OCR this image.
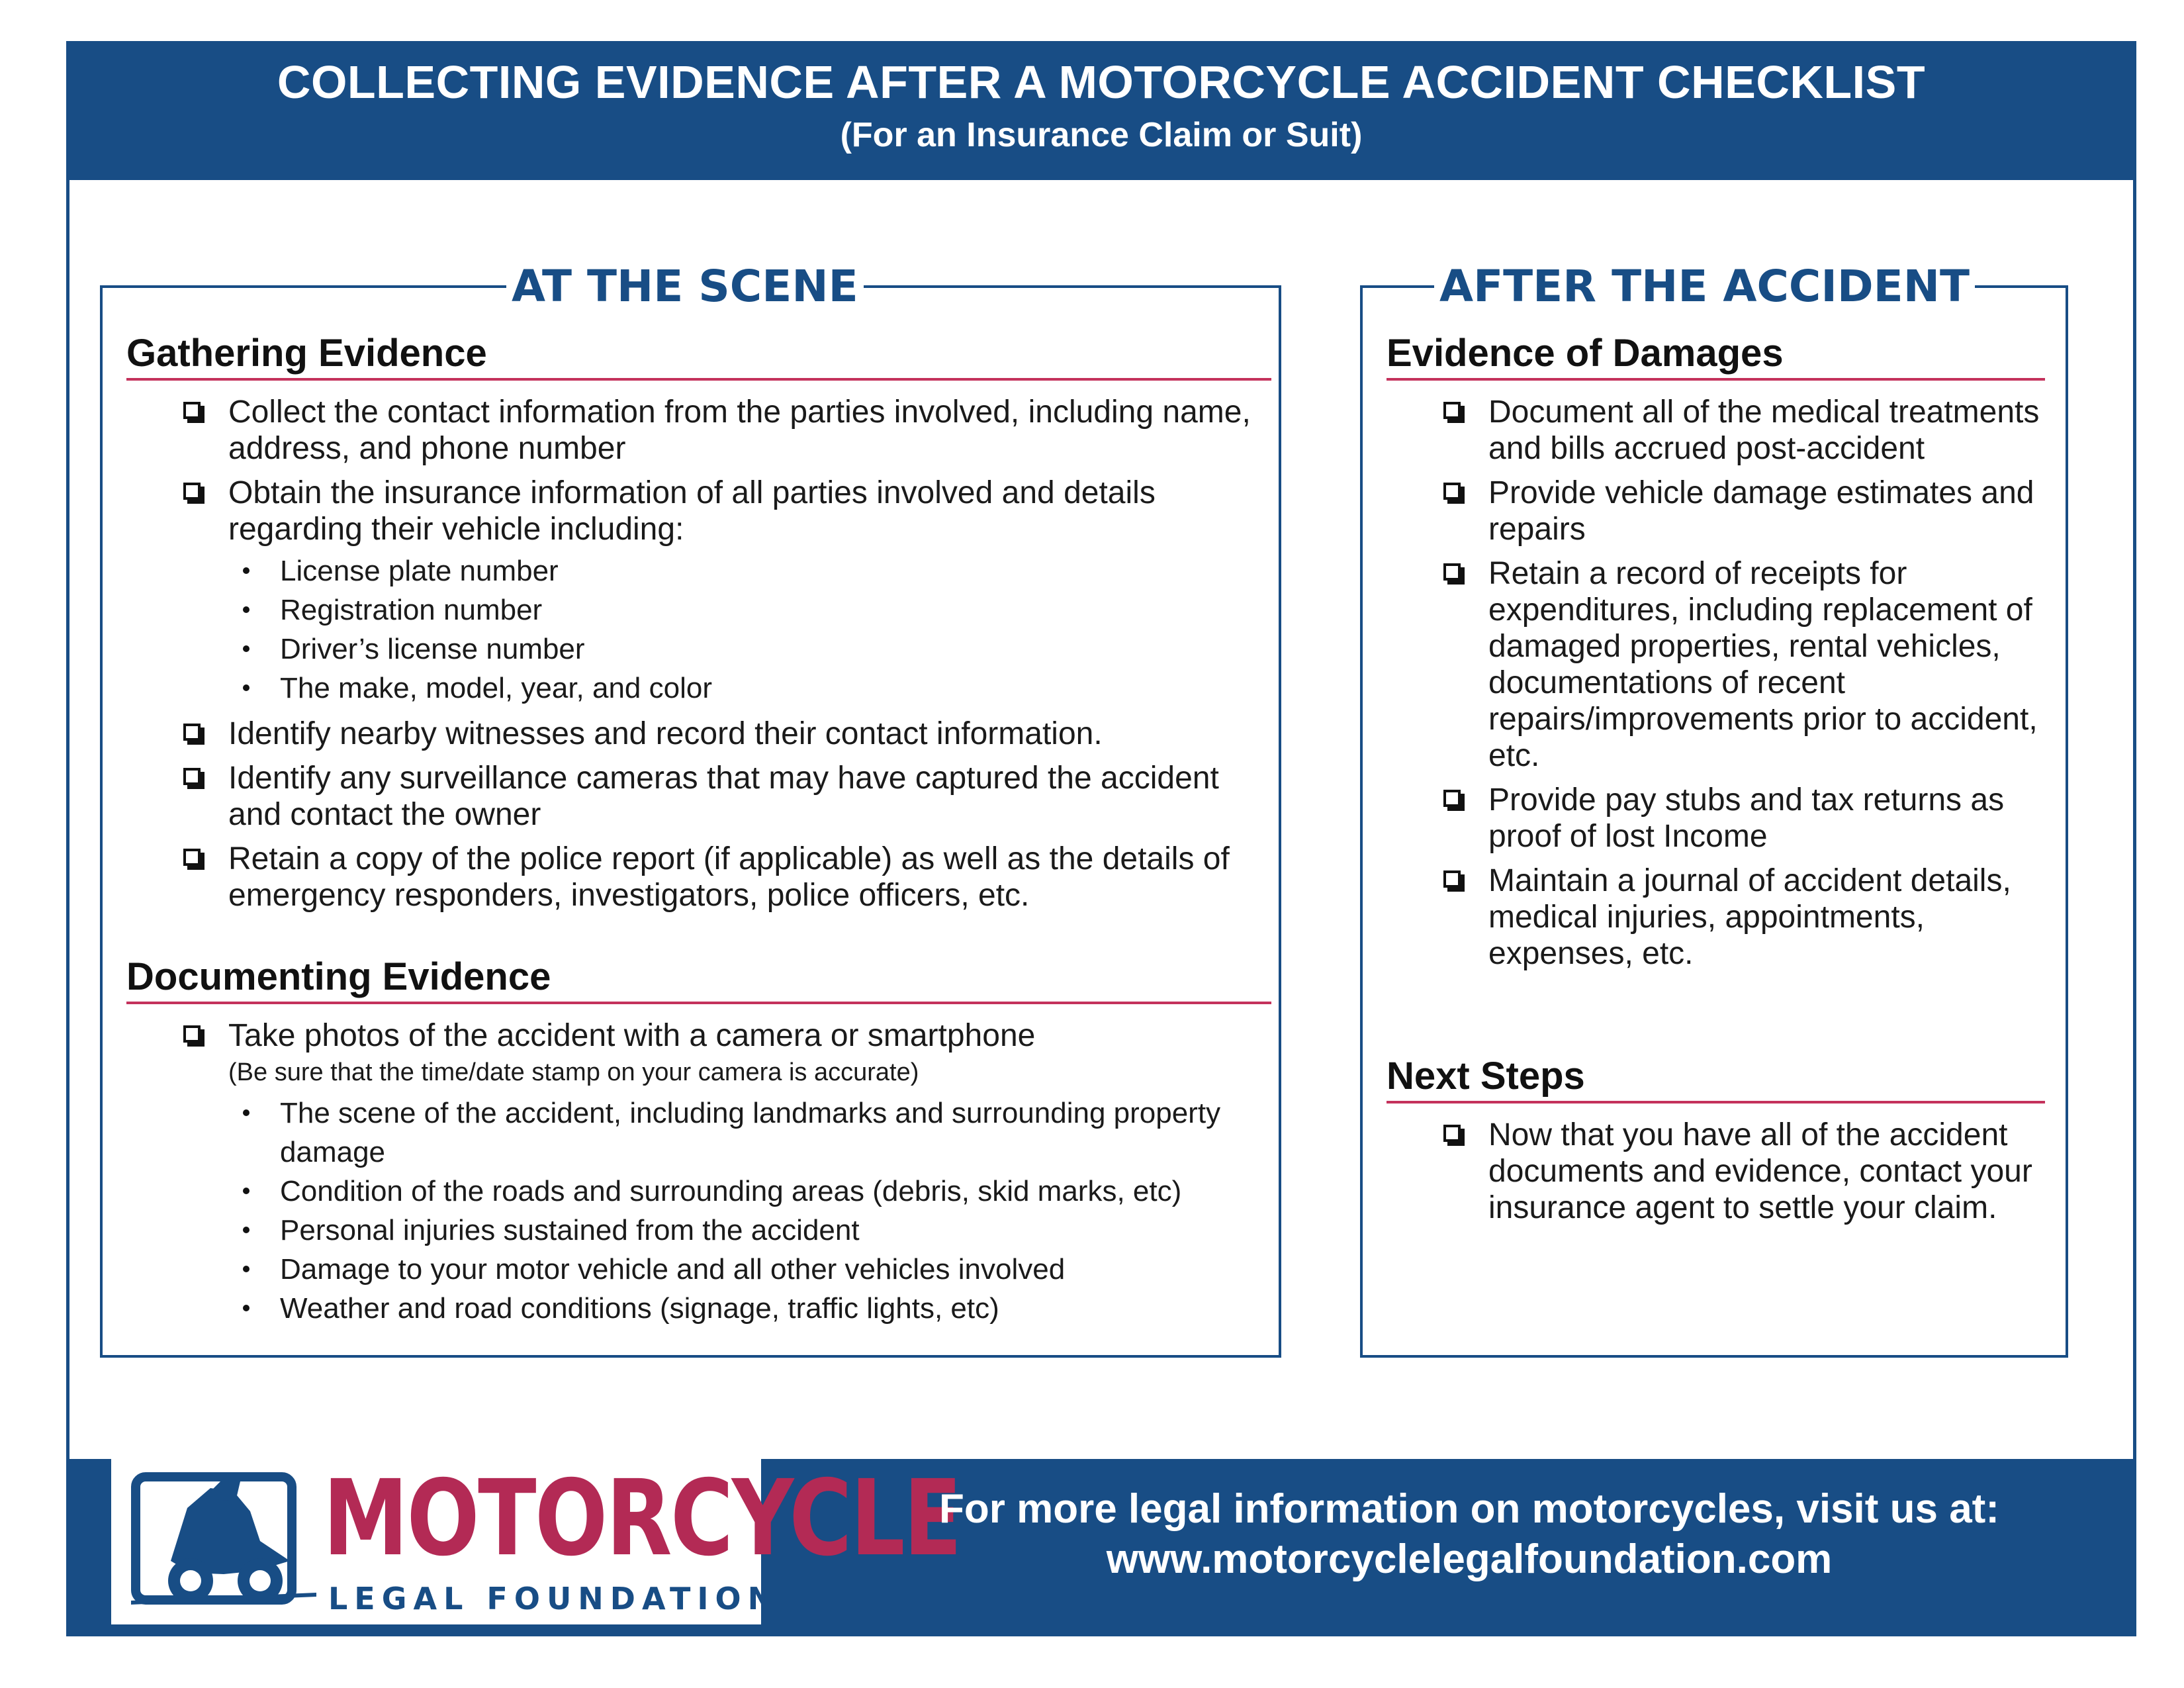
COLLECTING EVIDENCE AFTER A MOTORCYCLE ACCIDENT CHECKLIST
(For an Insurance Claim or Suit)
AT THE SCENE
Gathering Evidence
Collect the contact information from the parties involved, including name, address, and phone number
Obtain the insurance information of all parties involved and details regarding their vehicle including:
License plate number
Registration number
Driver’s license number
The make, model, year, and color
Identify nearby witnesses and record their contact information.
Identify any surveillance cameras that may have captured the accident and contact the owner
Retain a copy of the police report (if applicable) as well as the details of emergency responders, investigators, police officers, etc.
Documenting Evidence
Take photos of the accident with a camera or smartphone
(Be sure that the time/date stamp on your camera is accurate)
The scene of the accident, including landmarks and surrounding property damage
Condition of the roads and surrounding areas (debris, skid marks, etc)
Personal injuries sustained from the accident
Damage to your motor vehicle and all other vehicles involved
Weather and road conditions (signage, traffic lights, etc)
AFTER THE ACCIDENT
Evidence of Damages
Document all of the medical treatments and bills accrued post-accident
Provide vehicle damage estimates and repairs
Retain a record of receipts for expenditures, including replacement of damaged properties, rental vehicles, documentations of recent repairs/improvements prior to accident, etc.
Provide pay stubs and tax returns as proof of lost Income
Maintain a journal of accident details, medical injuries, appointments, expenses, etc.
Next Steps
Now that you have all of the accident documents and evidence, contact your insurance agent to settle your claim.
MOTORCYCLE
LEGAL FOUNDATION
For more legal information on motorcycles, visit us at:
www.motorcyclelegalfoundation.com
